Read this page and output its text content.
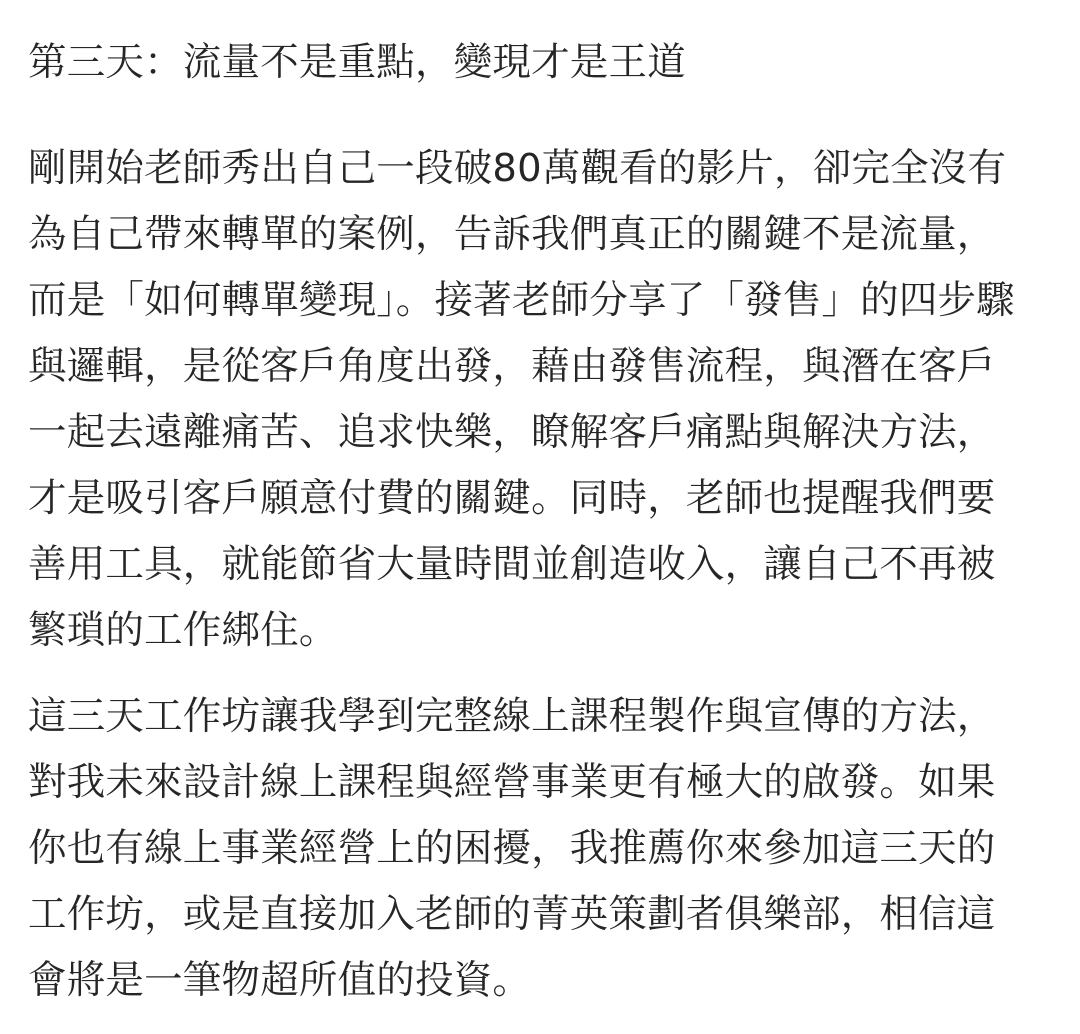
第三天：流量不是重點，變現才是王道
剛開始老師秀出自己一段破80萬觀看的影片，卻完全沒有
為自己帶來轉單的案例，告訴我們真正的關鍵不是流量，
而是「如何轉單變現」。接著老師分享了「發售」的四步驟
與邏輯，是從客戶角度出發，藉由發售流程，與潛在客戶
一起去遠離痛苦、追求快樂，瞭解客戶痛點與解決方法，
才是吸引客戶願意付費的關鍵。同時，老師也提醒我們要
善用工具，就能節省大量時間並創造收入，讓自己不再被
繁瑣的工作綁住。
這三天工作坊讓我學到完整線上課程製作與宣傳的方法，
對我未來設計線上課程與經營事業更有極大的啟發。如果
你也有線上事業經營上的困擾，我推薦你來參加這三天的
工作坊，或是直接加入老師的菁英策劃者俱樂部，相信這
會將是一筆物超所值的投資。
